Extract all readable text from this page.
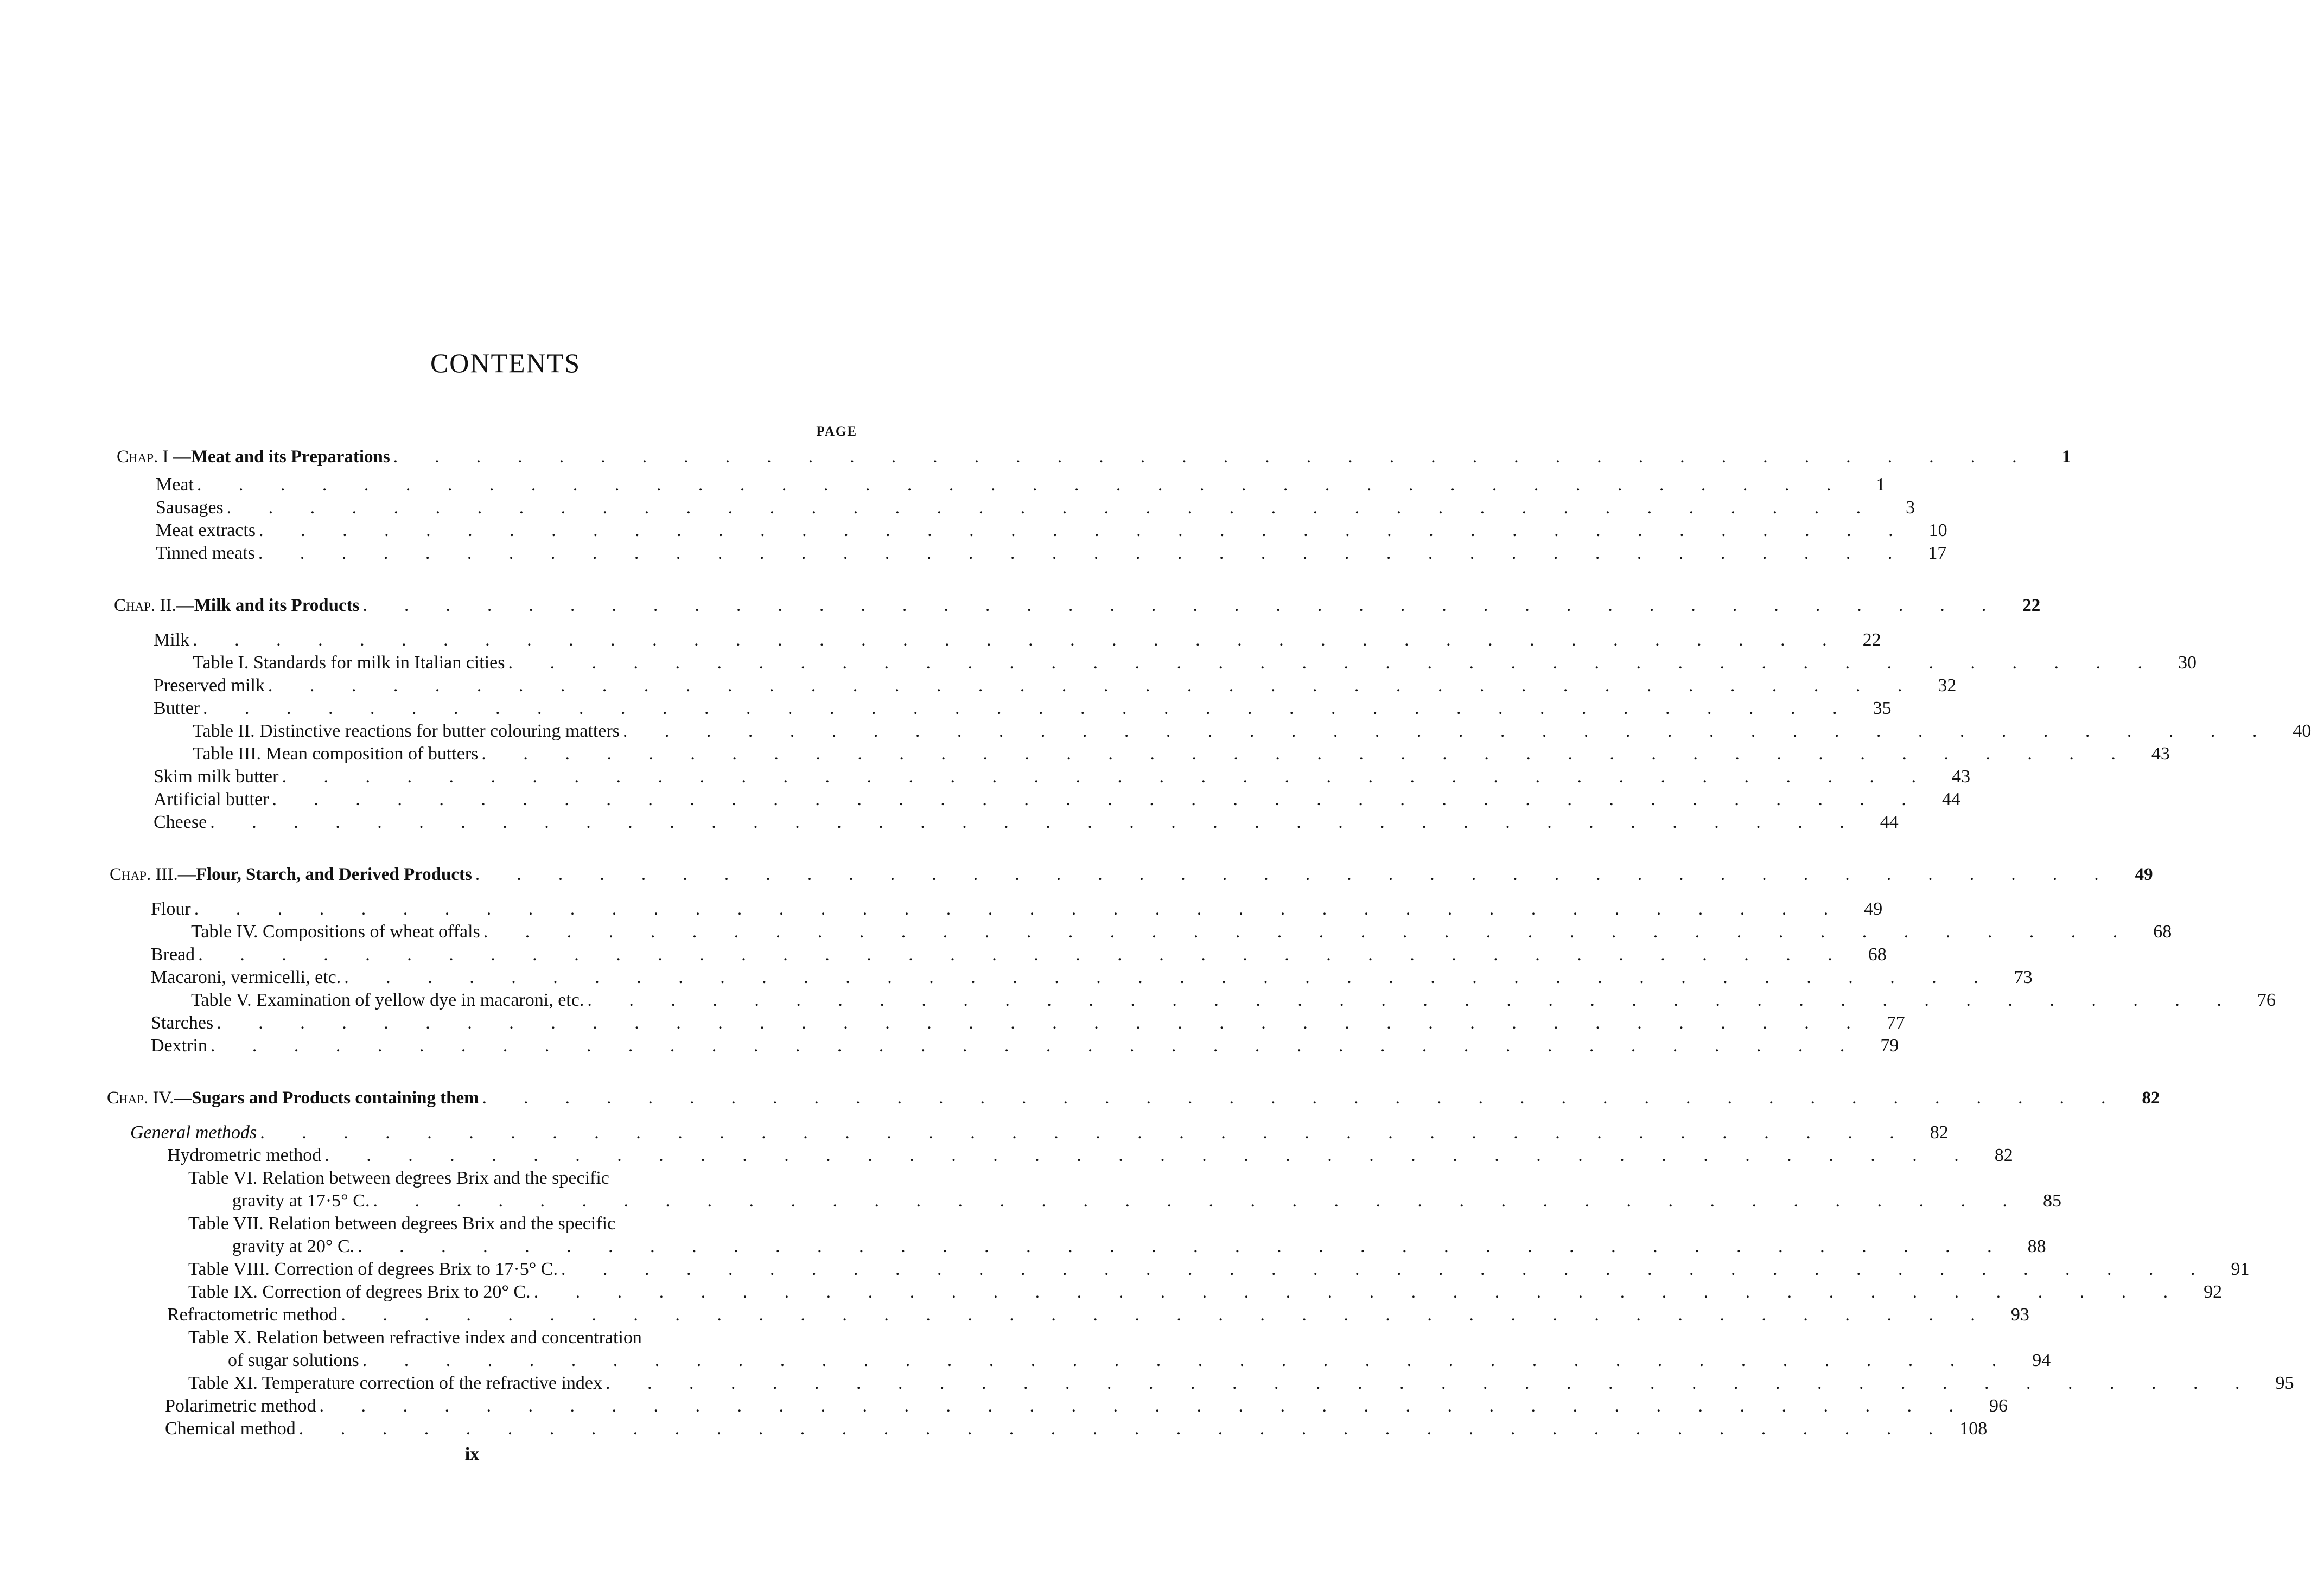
CONTENTS
PAGE
Chap. I —Meat and its Preparations . . . . . . . . . . . . . . . . . . . . . . . . . . . . . . . . . . . . . . . .	1
Meat . . . . . . . . . . . . . . . . . . . . . . . . . . . . . . . . . . . . . . . .	1
Sausages . . . . . . . . . . . . . . . . . . . . . . . . . . . . . . . . . . . . . . . .	3
Meat extracts . . . . . . . . . . . . . . . . . . . . . . . . . . . . . . . . . . . . . . . .	10
Tinned meats . . . . . . . . . . . . . . . . . . . . . . . . . . . . . . . . . . . . . . . .	17
Chap. II.—Milk and its Products . . . . . . . . . . . . . . . . . . . . . . . . . . . . . . . . . . . . . . . .	22
Milk . . . . . . . . . . . . . . . . . . . . . . . . . . . . . . . . . . . . . . . .	22
Table I. Standards for milk in Italian cities . . . . . . . . . . . . . . . . . . . . . . . . . . . . . . . . . . . . . . . .	30
Preserved milk . . . . . . . . . . . . . . . . . . . . . . . . . . . . . . . . . . . . . . . .	32
Butter . . . . . . . . . . . . . . . . . . . . . . . . . . . . . . . . . . . . . . . .	35
Table II. Distinctive reactions for butter colouring matters . . . . . . . . . . . . . . . . . . . . . . . . . . . . . . . . . . . . . . . .	40
Table III. Mean composition of butters . . . . . . . . . . . . . . . . . . . . . . . . . . . . . . . . . . . . . . . .	43
Skim milk butter . . . . . . . . . . . . . . . . . . . . . . . . . . . . . . . . . . . . . . . .	43
Artificial butter . . . . . . . . . . . . . . . . . . . . . . . . . . . . . . . . . . . . . . . .	44
Cheese . . . . . . . . . . . . . . . . . . . . . . . . . . . . . . . . . . . . . . . .	44
Chap. III.—Flour, Starch, and Derived Products . . . . . . . . . . . . . . . . . . . . . . . . . . . . . . . . . . . . . . . .	49
Flour . . . . . . . . . . . . . . . . . . . . . . . . . . . . . . . . . . . . . . . .	49
Table IV. Compositions of wheat offals . . . . . . . . . . . . . . . . . . . . . . . . . . . . . . . . . . . . . . . .	68
Bread . . . . . . . . . . . . . . . . . . . . . . . . . . . . . . . . . . . . . . . .	68
Macaroni, vermicelli, etc. . . . . . . . . . . . . . . . . . . . . . . . . . . . . . . . . . . . . . . . .	73
Table V. Examination of yellow dye in macaroni, etc. . . . . . . . . . . . . . . . . . . . . . . . . . . . . . . . . . . . . . . . .	76
Starches . . . . . . . . . . . . . . . . . . . . . . . . . . . . . . . . . . . . . . . .	77
Dextrin . . . . . . . . . . . . . . . . . . . . . . . . . . . . . . . . . . . . . . . .	79
Chap. IV.—Sugars and Products containing them . . . . . . . . . . . . . . . . . . . . . . . . . . . . . . . . . . . . . . . .	82
General methods . . . . . . . . . . . . . . . . . . . . . . . . . . . . . . . . . . . . . . . .	82
Hydrometric method . . . . . . . . . . . . . . . . . . . . . . . . . . . . . . . . . . . . . . . .	82
Table VI. Relation between degrees Brix and the specific
gravity at 17·5° C. . . . . . . . . . . . . . . . . . . . . . . . . . . . . . . . . . . . . . . . .	85
Table VII. Relation between degrees Brix and the specific
gravity at 20° C. . . . . . . . . . . . . . . . . . . . . . . . . . . . . . . . . . . . . . . . .	88
Table VIII. Correction of degrees Brix to 17·5° C. . . . . . . . . . . . . . . . . . . . . . . . . . . . . . . . . . . . . . . . .	91
Table IX. Correction of degrees Brix to 20° C. . . . . . . . . . . . . . . . . . . . . . . . . . . . . . . . . . . . . . . . .	92
Refractometric method . . . . . . . . . . . . . . . . . . . . . . . . . . . . . . . . . . . . . . . .	93
Table X. Relation between refractive index and concentration
of sugar solutions . . . . . . . . . . . . . . . . . . . . . . . . . . . . . . . . . . . . . . . .	94
Table XI. Temperature correction of the refractive index . . . . . . . . . . . . . . . . . . . . . . . . . . . . . . . . . . . . . . . .	95
Polarimetric method . . . . . . . . . . . . . . . . . . . . . . . . . . . . . . . . . . . . . . . .	96
Chemical method . . . . . . . . . . . . . . . . . . . . . . . . . . . . . . . . . . . . . . . . 108
ix
